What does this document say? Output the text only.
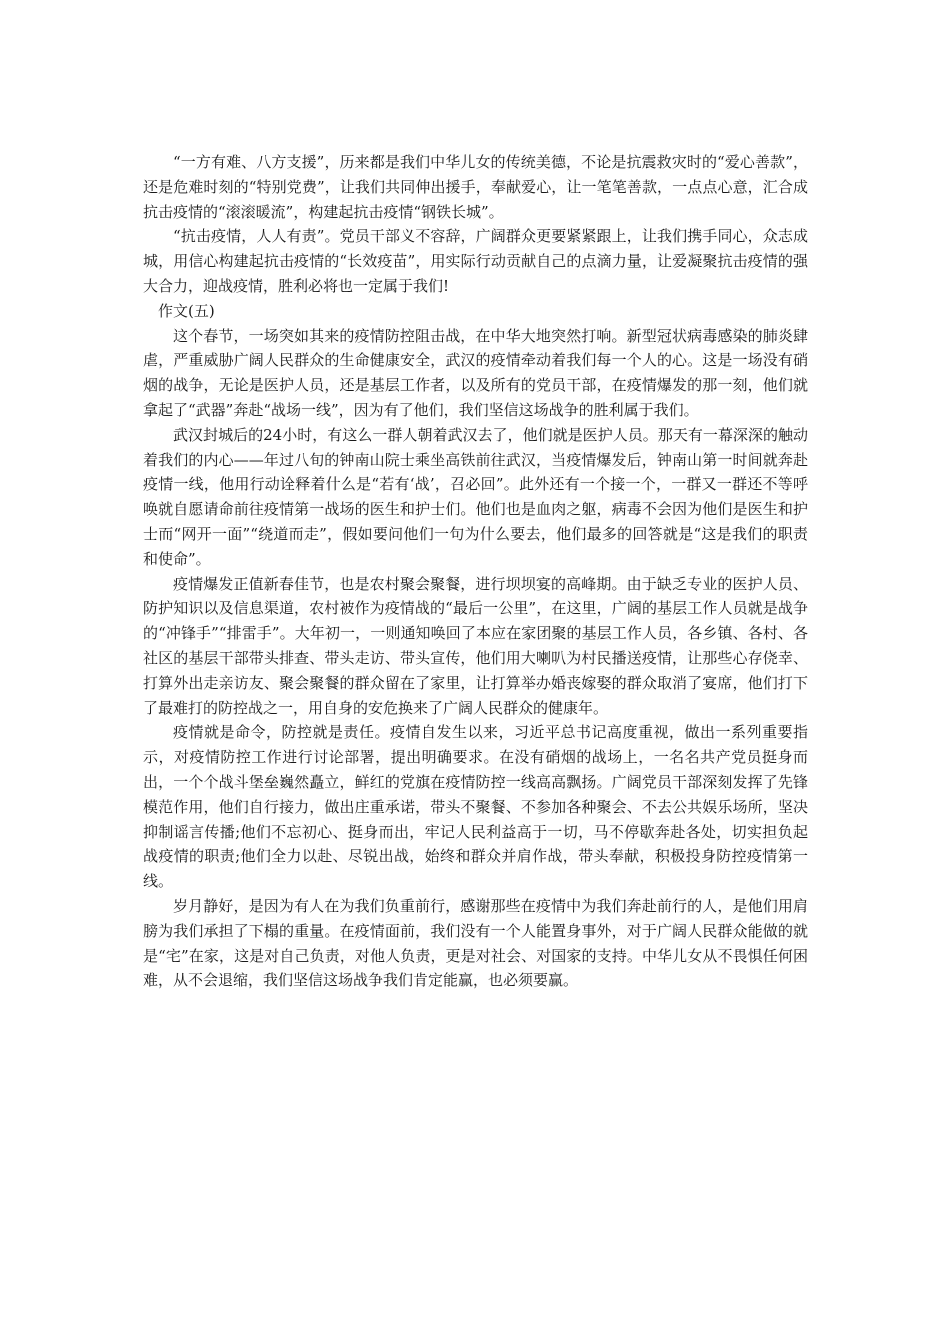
“一方有难、八方支援”，历来都是我们中华儿女的传统美德，不论是抗震救灾时的“爱心善款”，还是危难时刻的“特别党费”，让我们共同伸出援手，奉献爱心，让一笔笔善款，一点点心意，汇合成抗击疫情的“滚滚暖流”，构建起抗击疫情“钢铁长城”。

“抗击疫情，人人有责”。党员干部义不容辞，广阔群众更要紧紧跟上，让我们携手同心，众志成城，用信心构建起抗击疫情的“长效疫苗”，用实际行动贡献自己的点滴力量，让爱凝聚抗击疫情的强大合力，迎战疫情，胜利必将也一定属于我们!

作文(五)

这个春节，一场突如其来的疫情防控阻击战，在中华大地突然打响。新型冠状病毒感染的肺炎肆虐，严重威胁广阔人民群众的生命健康安全，武汉的疫情牵动着我们每一个人的心。这是一场没有硝烟的战争，无论是医护人员，还是基层工作者，以及所有的党员干部，在疫情爆发的那一刻，他们就拿起了“武器”奔赴“战场一线”，因为有了他们，我们坚信这场战争的胜利属于我们。

武汉封城后的24小时，有这么一群人朝着武汉去了，他们就是医护人员。那天有一幕深深的触动着我们的内心——年过八旬的钟南山院士乘坐高铁前往武汉，当疫情爆发后，钟南山第一时间就奔赴疫情一线，他用行动诠释着什么是“若有‘战’，召必回”。此外还有一个接一个，一群又一群还不等呼唤就自愿请命前往疫情第一战场的医生和护士们。他们也是血肉之躯，病毒不会因为他们是医生和护士而“网开一面”“绕道而走”，假如要问他们一句为什么要去，他们最多的回答就是“这是我们的职责和使命”。

疫情爆发正值新春佳节，也是农村聚会聚餐，进行坝坝宴的高峰期。由于缺乏专业的医护人员、防护知识以及信息渠道，农村被作为疫情战的“最后一公里”，在这里，广阔的基层工作人员就是战争的“冲锋手”“排雷手”。大年初一，一则通知唤回了本应在家团聚的基层工作人员，各乡镇、各村、各社区的基层干部带头排查、带头走访、带头宣传，他们用大喇叭为村民播送疫情，让那些心存侥幸、打算外出走亲访友、聚会聚餐的群众留在了家里，让打算举办婚丧嫁娶的群众取消了宴席，他们打下了最难打的防控战之一，用自身的安危换来了广阔人民群众的健康年。

疫情就是命令，防控就是责任。疫情自发生以来，习近平总书记高度重视，做出一系列重要指示，对疫情防控工作进行讨论部署，提出明确要求。在没有硝烟的战场上，一名名共产党员挺身而出，一个个战斗堡垒巍然矗立，鲜红的党旗在疫情防控一线高高飘扬。广阔党员干部深刻发挥了先锋模范作用，他们自行接力，做出庄重承诺，带头不聚餐、不参加各种聚会、不去公共娱乐场所，坚决抑制谣言传播;他们不忘初心、挺身而出，牢记人民利益高于一切，马不停歇奔赴各处，切实担负起战疫情的职责;他们全力以赴、尽锐出战，始终和群众并肩作战，带头奉献，积极投身防控疫情第一线。

岁月静好，是因为有人在为我们负重前行，感谢那些在疫情中为我们奔赴前行的人，是他们用肩膀为我们承担了下榻的重量。在疫情面前，我们没有一个人能置身事外，对于广阔人民群众能做的就是“宅”在家，这是对自己负责，对他人负责，更是对社会、对国家的支持。中华儿女从不畏惧任何困难，从不会退缩，我们坚信这场战争我们肯定能赢，也必须要赢。
